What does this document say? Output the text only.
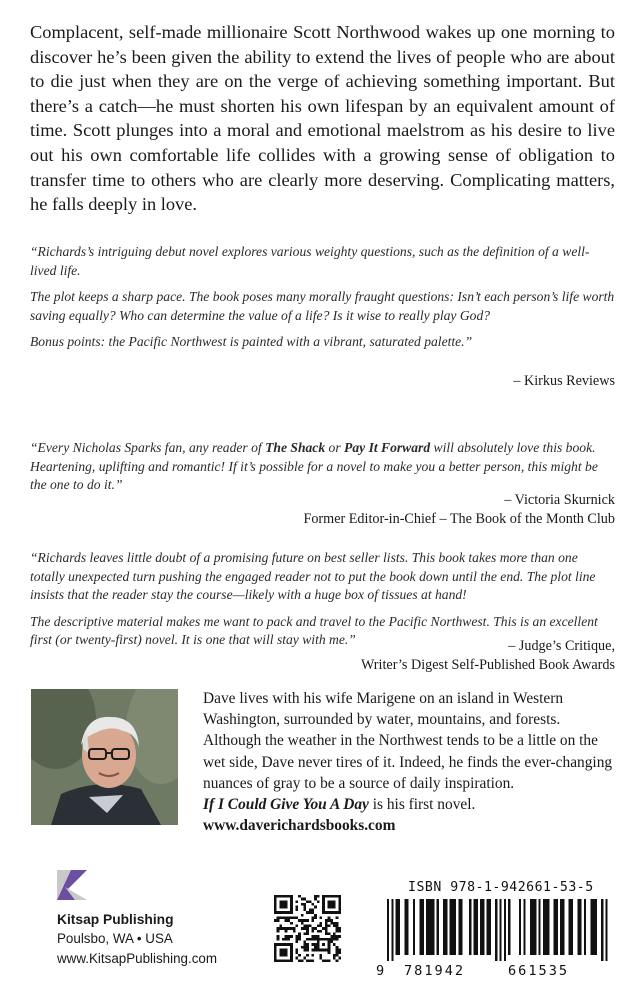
Complacent, self-made millionaire Scott Northwood wakes up one morning to discover he’s been given the ability to extend the lives of people who are about to die just when they are on the verge of achieving something important. But there’s a catch—he must shorten his own lifespan by an equivalent amount of time. Scott plunges into a moral and emotional maelstrom as his desire to live out his own comfortable life collides with a growing sense of obligation to transfer time to others who are clearly more deserving. Complicating matters, he falls deeply in love.

“Richards’s intriguing debut novel explores various weighty questions, such as the definition of a well-lived life.

The plot keeps a sharp pace. The book poses many morally fraught questions: Isn’t each person’s life worth saving equally? Who can determine the value of a life? Is it wise to really play God?

Bonus points: the Pacific Northwest is painted with a vibrant, saturated palette.”

– Kirkus Reviews

“Every Nicholas Sparks fan, any reader of The Shack or Pay It Forward will absolutely love this book. Heartening, uplifting and romantic! If it’s possible for a novel to make you a better person, this might be the one to do it.”

– Victoria Skurnick
Former Editor-in-Chief – The Book of the Month Club

“Richards leaves little doubt of a promising future on best seller lists. This book takes more than one totally unexpected turn pushing the engaged reader not to put the book down until the end. The plot line insists that the reader stay the course—likely with a huge box of tissues at hand!

The descriptive material makes me want to pack and travel to the Pacific Northwest. This is an excellent first (or twenty-first) novel. It is one that will stay with me.”	– Judge’s Critique,
Writer’s Digest Self-Published Book Awards
Dave lives with his wife Marigene on an island in Western Washington, surrounded by water, mountains, and forests. Although the weather in the Northwest tends to be a little on the wet side, Dave never tires of it. Indeed, he finds the ever-changing nuances of gray to be a source of daily inspiration.
If I Could Give You A Day is his first novel.
www.daverichardsbooks.com
Kitsap Publishing
Poulsbo, WA • USA
www.KitsapPublishing.com
ISBN 978-1-942661-53-5
9 781942	661535
